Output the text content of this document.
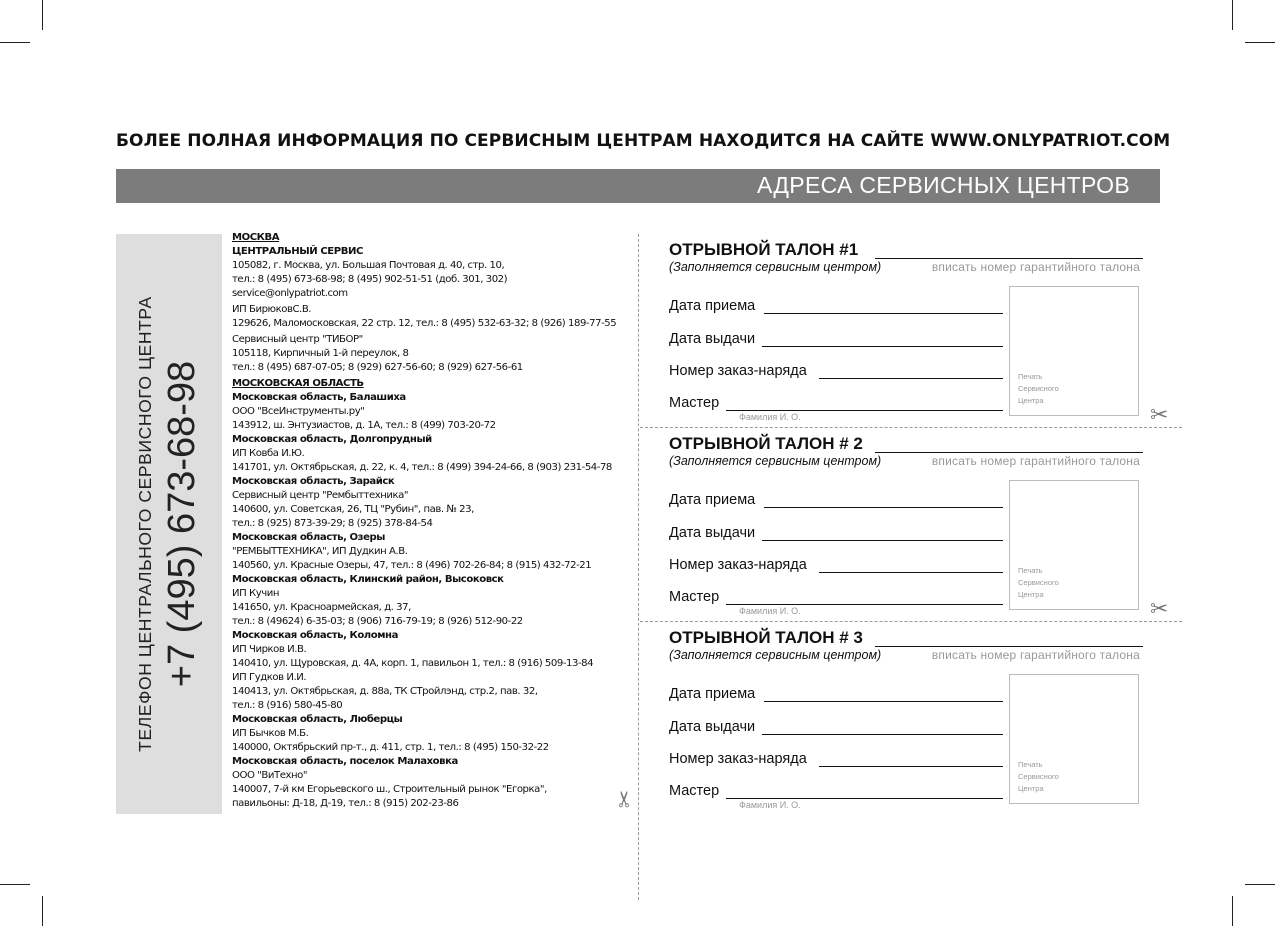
БОЛЕЕ ПОЛНАЯ ИНФОРМАЦИЯ ПО СЕРВИСНЫМ ЦЕНТРАМ НАХОДИТСЯ НА САЙТЕ WWW.ONLYPATRIOT.COM
АДРЕСА СЕРВИСНЫХ ЦЕНТРОВ
ТЕЛЕФОН ЦЕНТРАЛЬНОГО СЕРВИСНОГО ЦЕНТРА +7 (495) 673-68-98
МОСКВА
ЦЕНТРАЛЬНЫЙ СЕРВИС
105082, г. Москва, ул. Большая Почтовая д. 40, стр. 10,
тел.: 8 (495) 673-68-98; 8 (495) 902-51-51 (доб. 301, 302)
service@onlypatriot.com
ИП БирюковС.В.
129626, Маломосковская, 22 стр. 12, тел.: 8 (495) 532-63-32; 8 (926) 189-77-55
Сервисный центр "ТИБОР"
105118, Кирпичный 1-й переулок, 8
тел.: 8 (495) 687-07-05; 8 (929) 627-56-60; 8 (929) 627-56-61
МОСКОВСКАЯ ОБЛАСТЬ
Московская область, Балашиха
ООО "ВсеИнструменты.ру"
143912, ш. Энтузиастов, д. 1А, тел.: 8 (499) 703-20-72
Московская область, Долгопрудный
ИП Ковба И.Ю.
141701, ул. Октябрьская, д. 22, к. 4, тел.: 8 (499) 394-24-66, 8 (903) 231-54-78
Московская область, Зарайск
Сервисный центр "Рембыттехника"
140600, ул. Советская, 26, ТЦ "Рубин", пав. № 23,
тел.: 8 (925) 873-39-29; 8 (925) 378-84-54
Московская область, Озеры
"РЕМБЫТТЕХНИКА", ИП Дудкин А.В.
140560, ул. Красные Озеры, 47, тел.: 8 (496) 702-26-84; 8 (915) 432-72-21
Московская область, Клинский район, Высоковск
ИП Кучин
141650, ул. Красноармейская, д. 37,
тел.: 8 (49624) 6-35-03; 8 (906) 716-79-19; 8 (926) 512-90-22
Московская область, Коломна
ИП Чирков И.В.
140410, ул. Щуровская, д. 4А, корп. 1, павильон 1, тел.: 8 (916) 509-13-84
ИП Гудков И.И.
140413, ул. Октябрьская, д. 88а, ТК СТройлэнд, стр.2, пав. 32,
тел.: 8 (916) 580-45-80
Московская область, Люберцы
ИП Бычков М.Б.
140000, Октябрьский пр-т., д. 411, стр. 1, тел.: 8 (495) 150-32-22
Московская область, поселок Малаховка
ООО "ВиТехно"
140007, 7-й км Егорьевского ш., Строительный рынок "Егорка",
павильоны: Д-18, Д-19, тел.: 8 (915) 202-23-86
✂
✂
✂
ОТРЫВНОЙ ТАЛОН #1
(Заполняется сервисным центром)	вписать номер гарантийного талона
Дата приема
Дата выдачи
Номер заказ-наряда
Мастер
Фамилия И. О.
Печать
Сервисного
Центра
ОТРЫВНОЙ ТАЛОН # 2
(Заполняется сервисным центром)	вписать номер гарантийного талона
Дата приема
Дата выдачи
Номер заказ-наряда
Мастер
Фамилия И. О.
Печать
Сервисного
Центра
ОТРЫВНОЙ ТАЛОН # 3
(Заполняется сервисным центром)	вписать номер гарантийного талона
Дата приема
Дата выдачи
Номер заказ-наряда
Мастер
Фамилия И. О.
Печать
Сервисного
Центра
